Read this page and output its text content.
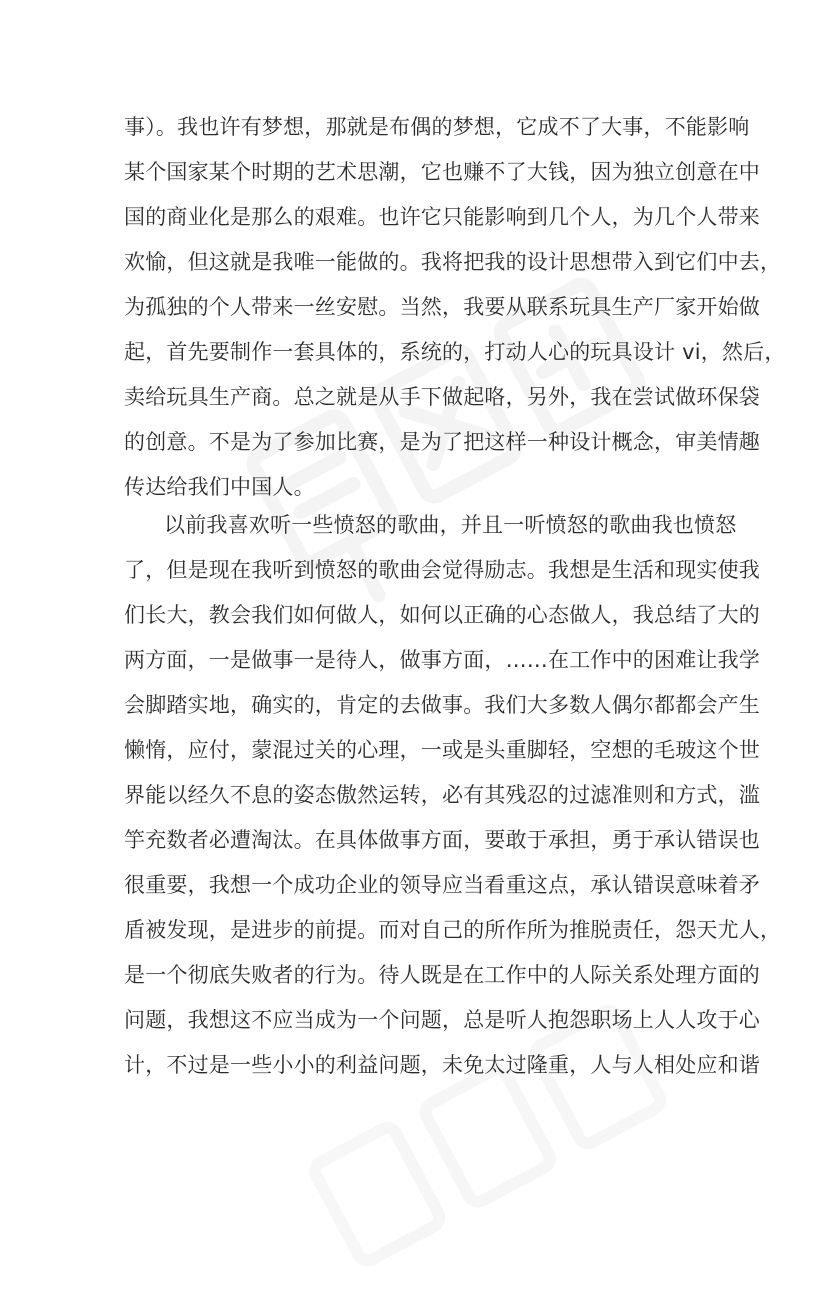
事）。我也许有梦想，那就是布偶的梦想，它成不了大事，不能影响
某个国家某个时期的艺术思潮，它也赚不了大钱，因为独立创意在中
国的商业化是那么的艰难。也许它只能影响到几个人，为几个人带来
欢愉，但这就是我唯一能做的。我将把我的设计思想带入到它们中去，
为孤独的个人带来一丝安慰。当然，我要从联系玩具生产厂家开始做
起，首先要制作一套具体的，系统的，打动人心的玩具设计 vi，然后，
卖给玩具生产商。总之就是从手下做起咯，另外，我在尝试做环保袋
的创意。不是为了参加比赛，是为了把这样一种设计概念，审美情趣
传达给我们中国人。
以前我喜欢听一些愤怒的歌曲，并且一听愤怒的歌曲我也愤怒
了，但是现在我听到愤怒的歌曲会觉得励志。我想是生活和现实使我
们长大，教会我们如何做人，如何以正确的心态做人，我总结了大的
两方面，一是做事一是待人，做事方面，……在工作中的困难让我学
会脚踏实地，确实的，肯定的去做事。我们大多数人偶尔都都会产生
懒惰，应付，蒙混过关的心理，一或是头重脚轻，空想的毛玻这个世
界能以经久不息的姿态傲然运转，必有其残忍的过滤准则和方式，滥
竽充数者必遭淘汰。在具体做事方面，要敢于承担，勇于承认错误也
很重要，我想一个成功企业的领导应当看重这点，承认错误意味着矛
盾被发现，是进步的前提。而对自己的所作所为推脱责任，怨天尤人，
是一个彻底失败者的行为。待人既是在工作中的人际关系处理方面的
问题，我想这不应当成为一个问题，总是听人抱怨职场上人人攻于心
计，不过是一些小小的利益问题，未免太过隆重，人与人相处应和谐
